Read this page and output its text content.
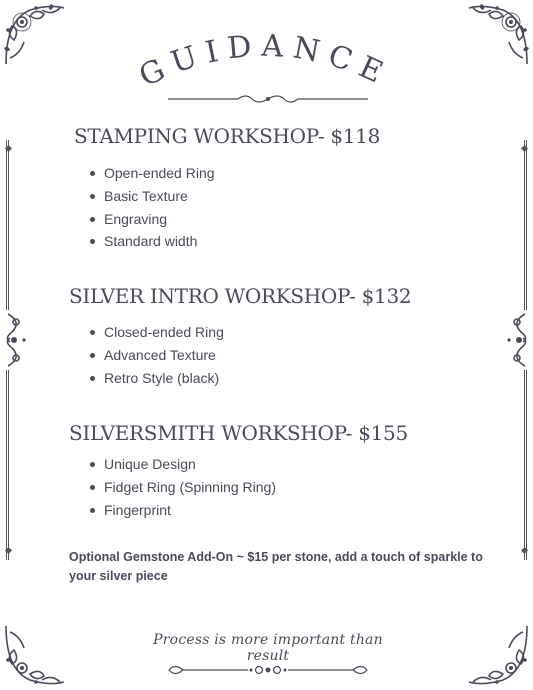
GUIDANCE
STAMPING WORKSHOP- $118
Open-ended Ring
Basic Texture
Engraving
Standard width
SILVER INTRO WORKSHOP- $132
Closed-ended Ring
Advanced Texture
Retro Style (black)
SILVERSMITH WORKSHOP- $155
Unique Design
Fidget Ring (Spinning Ring)
Fingerprint
Optional Gemstone Add-On ~ $15 per stone, add a touch of sparkle to your silver piece
Process is more important than result
